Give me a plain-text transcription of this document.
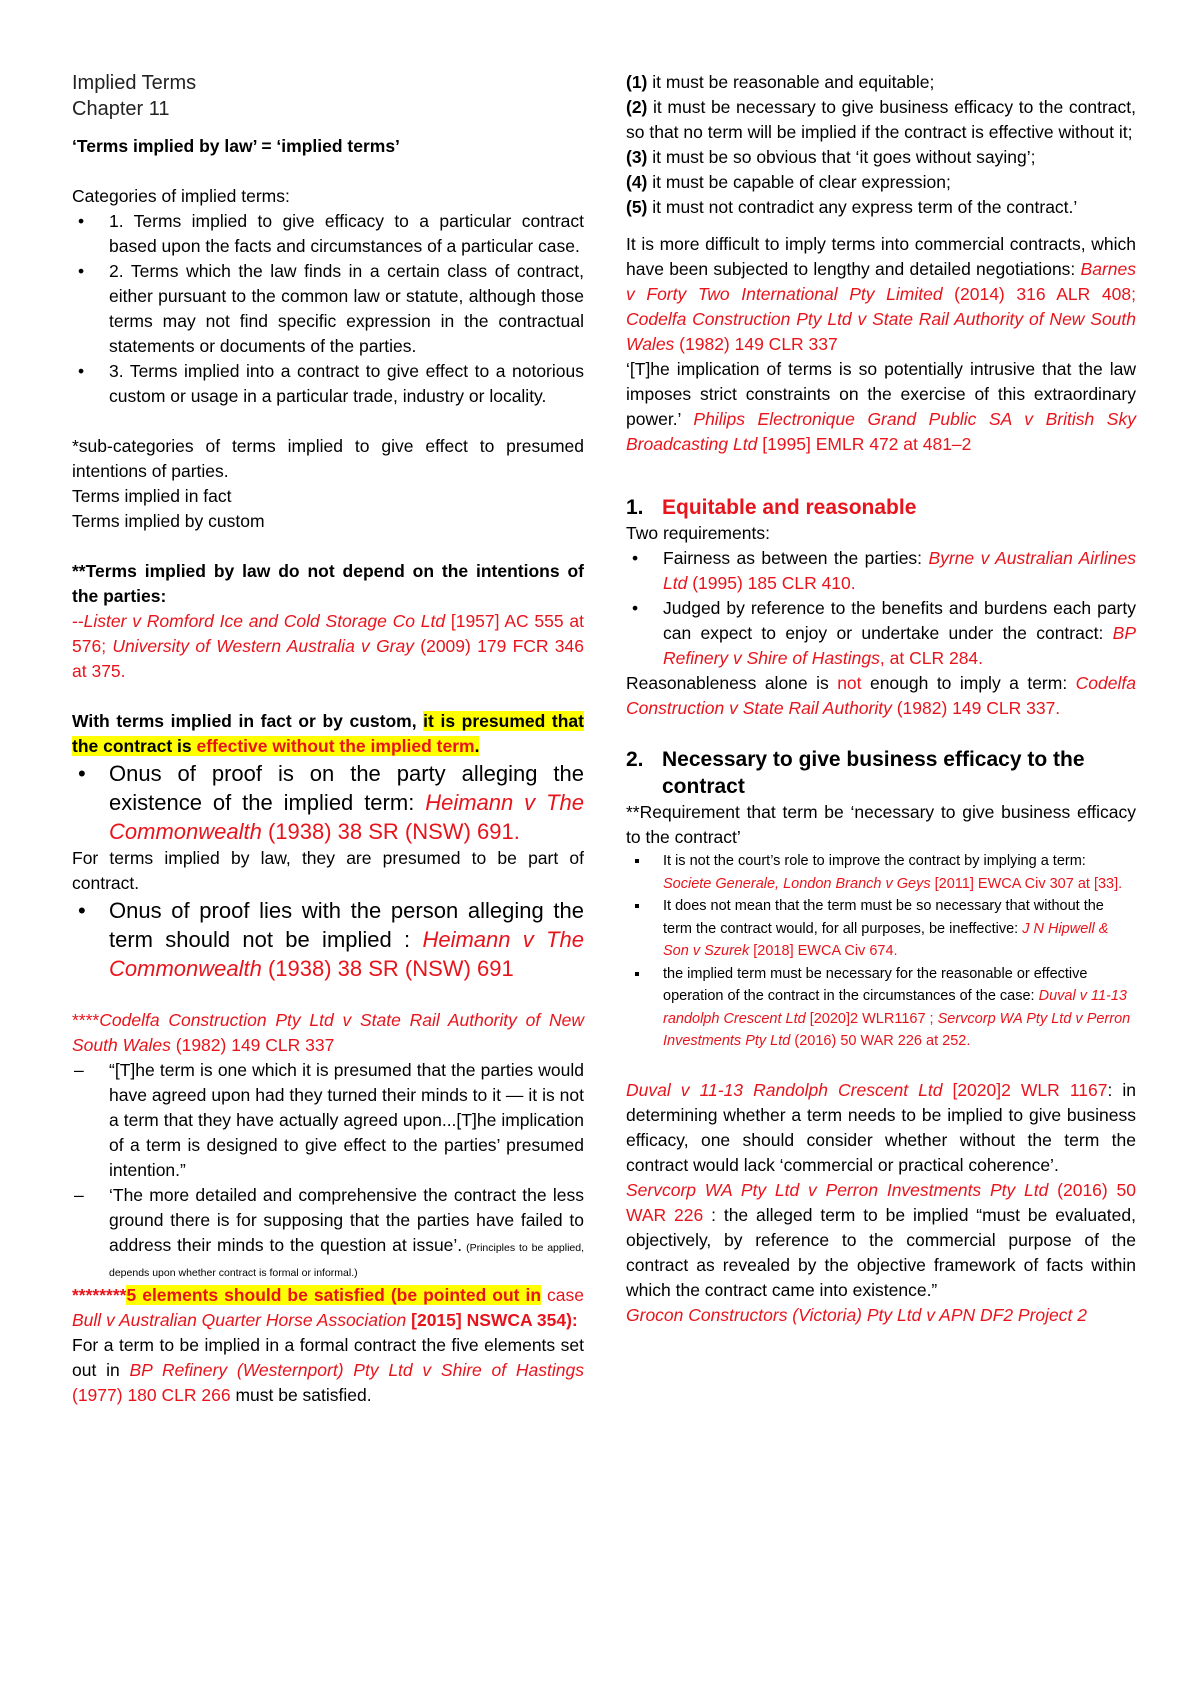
Implied Terms

Chapter 11

‘Terms implied by law’ = ‘implied terms’

Categories of implied terms:

• 1. Terms implied to give efficacy to a particular contract based upon the facts and circumstances of a particular case.
• 2. Terms which the law finds in a certain class of contract, either pursuant to the common law or statute, although those terms may not find specific expression in the contractual statements or documents of the parties.
• 3. Terms implied into a contract to give effect to a notorious custom or usage in a particular trade, industry or locality.

*sub-categories of terms implied to give effect to presumed intentions of parties.

Terms implied in fact

Terms implied by custom

**Terms implied by law do not depend on the intentions of the parties:

--Lister v Romford Ice and Cold Storage Co Ltd [1957] AC 555 at 576; University of Western Australia v Gray (2009) 179 FCR 346 at 375.

With terms implied in fact or by custom, it is presumed that the contract is effective without the implied term.

• Onus of proof is on the party alleging the existence of the implied term: Heimann v The Commonwealth (1938) 38 SR (NSW) 691.

For terms implied by law, they are presumed to be part of contract.

• Onus of proof lies with the person alleging the term should not be implied : Heimann v The Commonwealth (1938) 38 SR (NSW) 691

****Codelfa Construction Pty Ltd v State Rail Authority of New South Wales (1982) 149 CLR 337

– “[T]he term is one which it is presumed that the parties would have agreed upon had they turned their minds to it — it is not a term that they have actually agreed upon...[T]he implication of a term is designed to give effect to the parties’ presumed intention.”
– ‘The more detailed and comprehensive the contract the less ground there is for supposing that the parties have failed to address their minds to the question at issue’. (Principles to be applied, depends upon whether contract is formal or informal.)

********5 elements should be satisfied (be pointed out in case Bull v Australian Quarter Horse Association [2015] NSWCA 354):

For a term to be implied in a formal contract the five elements set out in BP Refinery (Westernport) Pty Ltd v Shire of Hastings (1977) 180 CLR 266 must be satisfied.

(1) it must be reasonable and equitable;

(2) it must be necessary to give business efficacy to the contract, so that no term will be implied if the contract is effective without it;

(3) it must be so obvious that ‘it goes without saying’;

(4) it must be capable of clear expression;

(5) it must not contradict any express term of the contract.’

It is more difficult to imply terms into commercial contracts, which have been subjected to lengthy and detailed negotiations: Barnes v Forty Two International Pty Limited (2014) 316 ALR 408; Codelfa Construction Pty Ltd v State Rail Authority of New South Wales (1982) 149 CLR 337

‘[T]he implication of terms is so potentially intrusive that the law imposes strict constraints on the exercise of this extraordinary power.’ Philips Electronique Grand Public SA v British Sky Broadcasting Ltd [1995] EMLR 472 at 481–2

1. Equitable and reasonable

Two requirements:

• Fairness as between the parties: Byrne v Australian Airlines Ltd (1995) 185 CLR 410.
• Judged by reference to the benefits and burdens each party can expect to enjoy or undertake under the contract: BP Refinery v Shire of Hastings, at CLR 284.

Reasonableness alone is not enough to imply a term: Codelfa Construction v State Rail Authority (1982) 149 CLR 337.

2. Necessary to give business efficacy to the contract

**Requirement that term be ‘necessary to give business efficacy to the contract’

It is not the court’s role to improve the contract by implying a term: Societe Generale, London Branch v Geys [2011] EWCA Civ 307 at [33].
It does not mean that the term must be so necessary that without the term the contract would, for all purposes, be ineffective: J N Hipwell & Son v Szurek [2018] EWCA Civ 674.
the implied term must be necessary for the reasonable or effective operation of the contract in the circumstances of the case: Duval v 11-13 randolph Crescent Ltd [2020]2 WLR1167 ; Servcorp WA Pty Ltd v Perron Investments Pty Ltd (2016) 50 WAR 226 at 252.

Duval v 11-13 Randolph Crescent Ltd [2020]2 WLR 1167: in determining whether a term needs to be implied to give business efficacy, one should consider whether without the term the contract would lack ‘commercial or practical coherence’.

Servcorp WA Pty Ltd v Perron Investments Pty Ltd (2016) 50 WAR 226 : the alleged term to be implied “must be evaluated, objectively, by reference to the commercial purpose of the contract as revealed by the objective framework of facts within which the contract came into existence.”

Grocon Constructors (Victoria) Pty Ltd v APN DF2 Project 2
